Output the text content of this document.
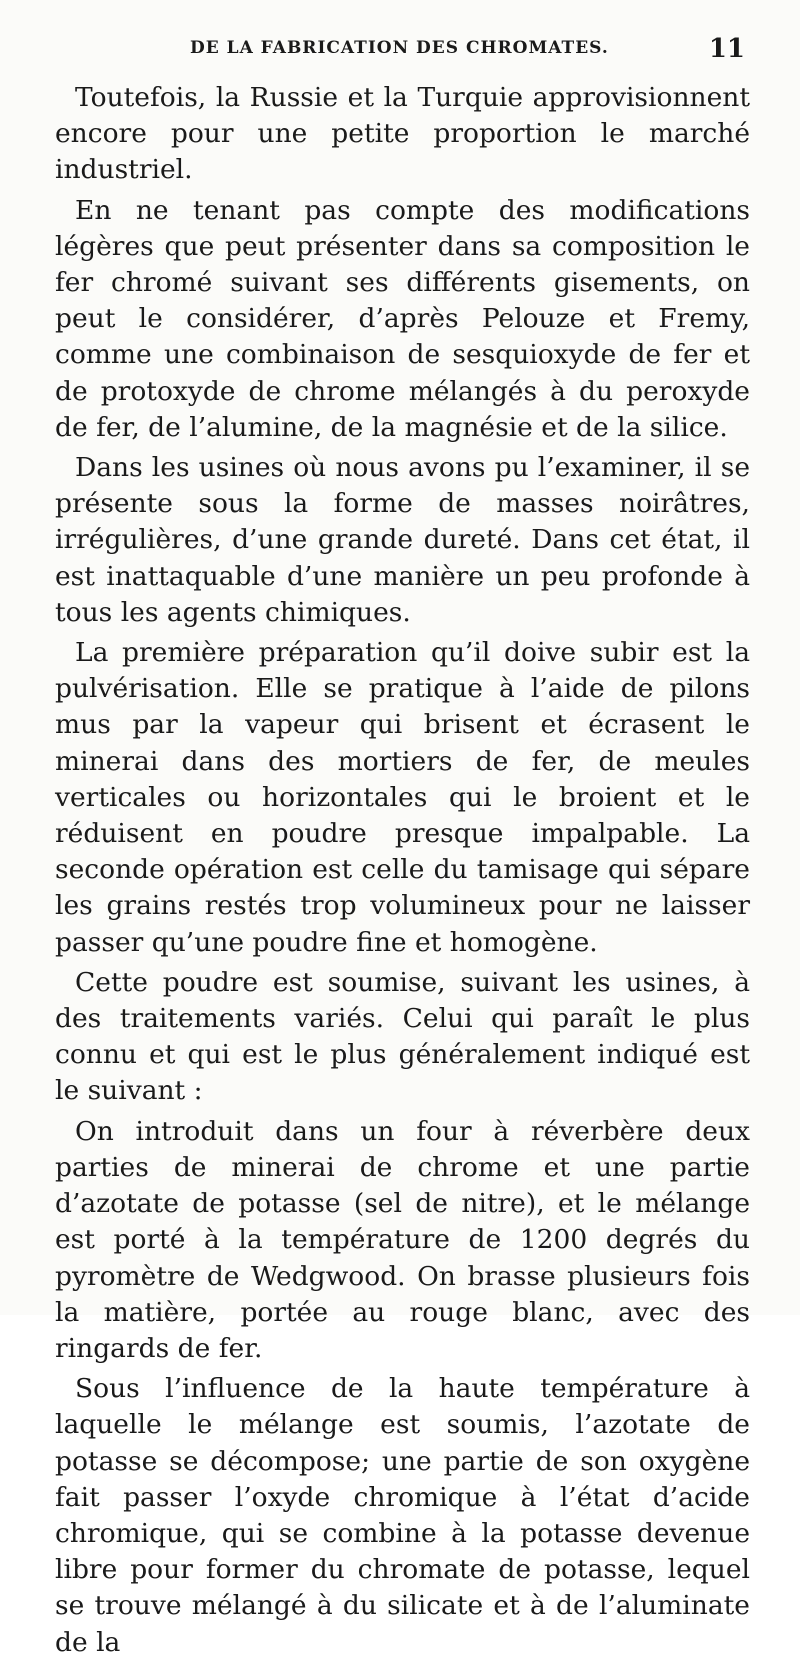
DE LA FABRICATION DES CHROMATES.	11

Toutefois, la Russie et la Turquie approvisionnent encore pour une petite proportion le marché industriel.

En ne tenant pas compte des modifications légères que peut présenter dans sa composition le fer chromé suivant ses différents gisements, on peut le considérer, d’après Pelouze et Fremy, comme une combinaison de sesquioxyde de fer et de protoxyde de chrome mélangés à du peroxyde de fer, de l’alumine, de la magnésie et de la silice.

Dans les usines où nous avons pu l’examiner, il se présente sous la forme de masses noirâtres, irrégulières, d’une grande dureté. Dans cet état, il est inattaquable d’une manière un peu profonde à tous les agents chimiques.

La première préparation qu’il doive subir est la pulvérisation. Elle se pratique à l’aide de pilons mus par la vapeur qui brisent et écrasent le minerai dans des mortiers de fer, de meules verticales ou horizontales qui le broient et le réduisent en poudre presque impalpable. La seconde opération est celle du tamisage qui sépare les grains restés trop volumineux pour ne laisser passer qu’une poudre fine et homogène.

Cette poudre est soumise, suivant les usines, à des traitements variés. Celui qui paraît le plus connu et qui est le plus généralement indiqué est le suivant :

On introduit dans un four à réverbère deux parties de minerai de chrome et une partie d’azotate de potasse (sel de nitre), et le mélange est porté à la température de 1200 degrés du pyromètre de Wedgwood. On brasse plusieurs fois la matière, portée au rouge blanc, avec des ringards de fer.

Sous l’influence de la haute température à laquelle le mélange est soumis, l’azotate de potasse se décompose; une partie de son oxygène fait passer l’oxyde chromique à l’état d’acide chromique, qui se combine à la potasse devenue libre pour former du chromate de potasse, lequel se trouve mélangé à du silicate et à de l’aluminate de la
